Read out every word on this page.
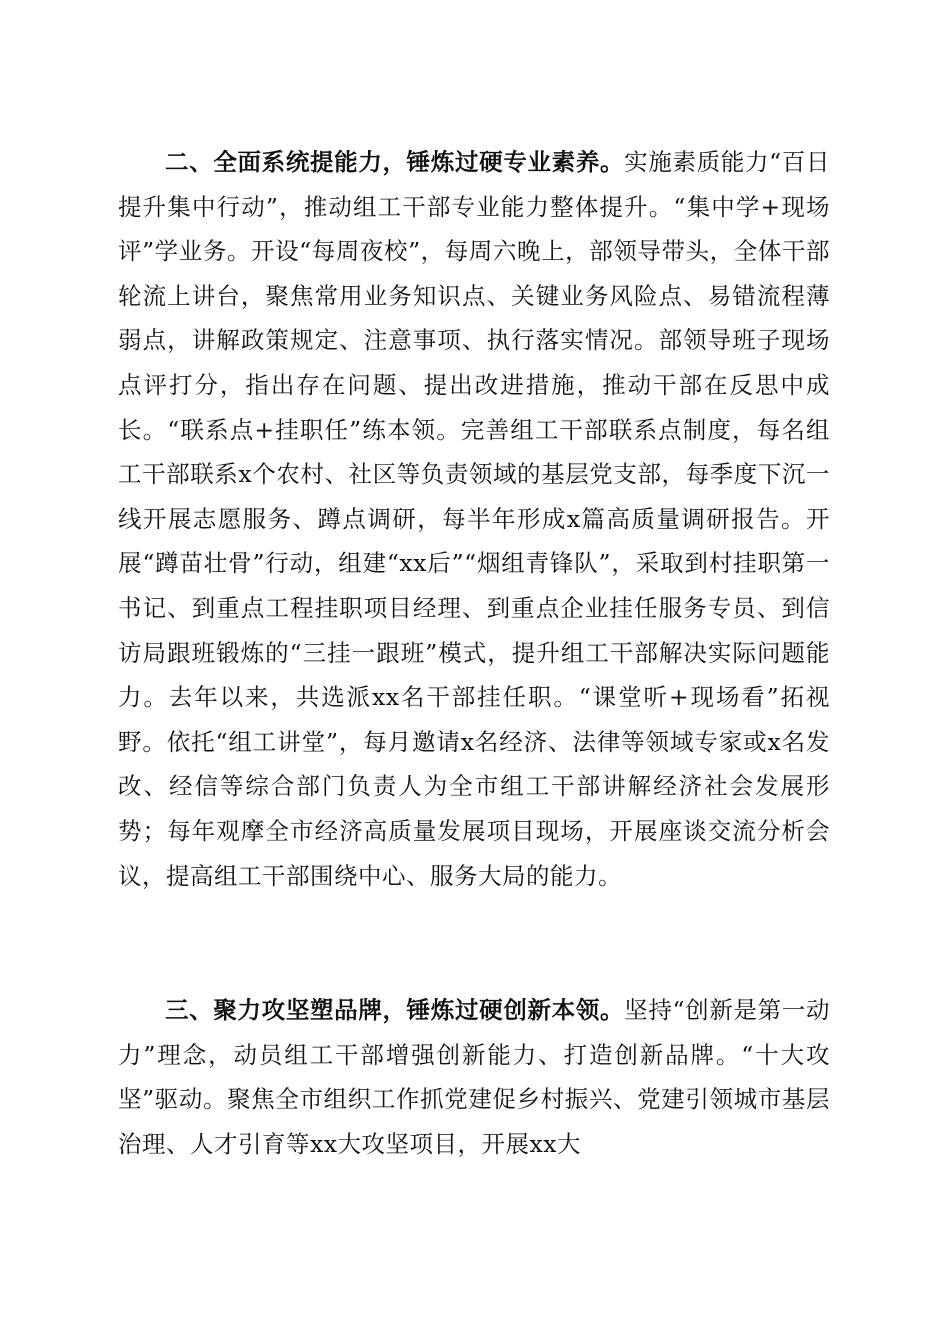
二、全面系统提能力，锤炼过硬专业素养。实施素质能力“百日提升集中行动”，推动组工干部专业能力整体提升。“集中学+现场评”学业务。开设“每周夜校”，每周六晚上，部领导带头，全体干部轮流上讲台，聚焦常用业务知识点、关键业务风险点、易错流程薄弱点，讲解政策规定、注意事项、执行落实情况。部领导班子现场点评打分，指出存在问题、提出改进措施，推动干部在反思中成长。“联系点+挂职任”练本领。完善组工干部联系点制度，每名组工干部联系x个农村、社区等负责领域的基层党支部，每季度下沉一线开展志愿服务、蹲点调研，每半年形成x篇高质量调研报告。开展“蹲苗壮骨”行动，组建“xx后”“烟组青锋队”，采取到村挂职第一书记、到重点工程挂职项目经理、到重点企业挂任服务专员、到信访局跟班锻炼的“三挂一跟班”模式，提升组工干部解决实际问题能力。去年以来，共选派xx名干部挂任职。“课堂听+现场看”拓视野。依托“组工讲堂”，每月邀请x名经济、法律等领域专家或x名发改、经信等综合部门负责人为全市组工干部讲解经济社会发展形势；每年观摩全市经济高质量发展项目现场，开展座谈交流分析会议，提高组工干部围绕中心、服务大局的能力。

三、聚力攻坚塑品牌，锤炼过硬创新本领。坚持“创新是第一动力”理念，动员组工干部增强创新能力、打造创新品牌。“十大攻坚”驱动。聚焦全市组织工作抓党建促乡村振兴、党建引领城市基层治理、人才引育等xx大攻坚项目，开展xx大
